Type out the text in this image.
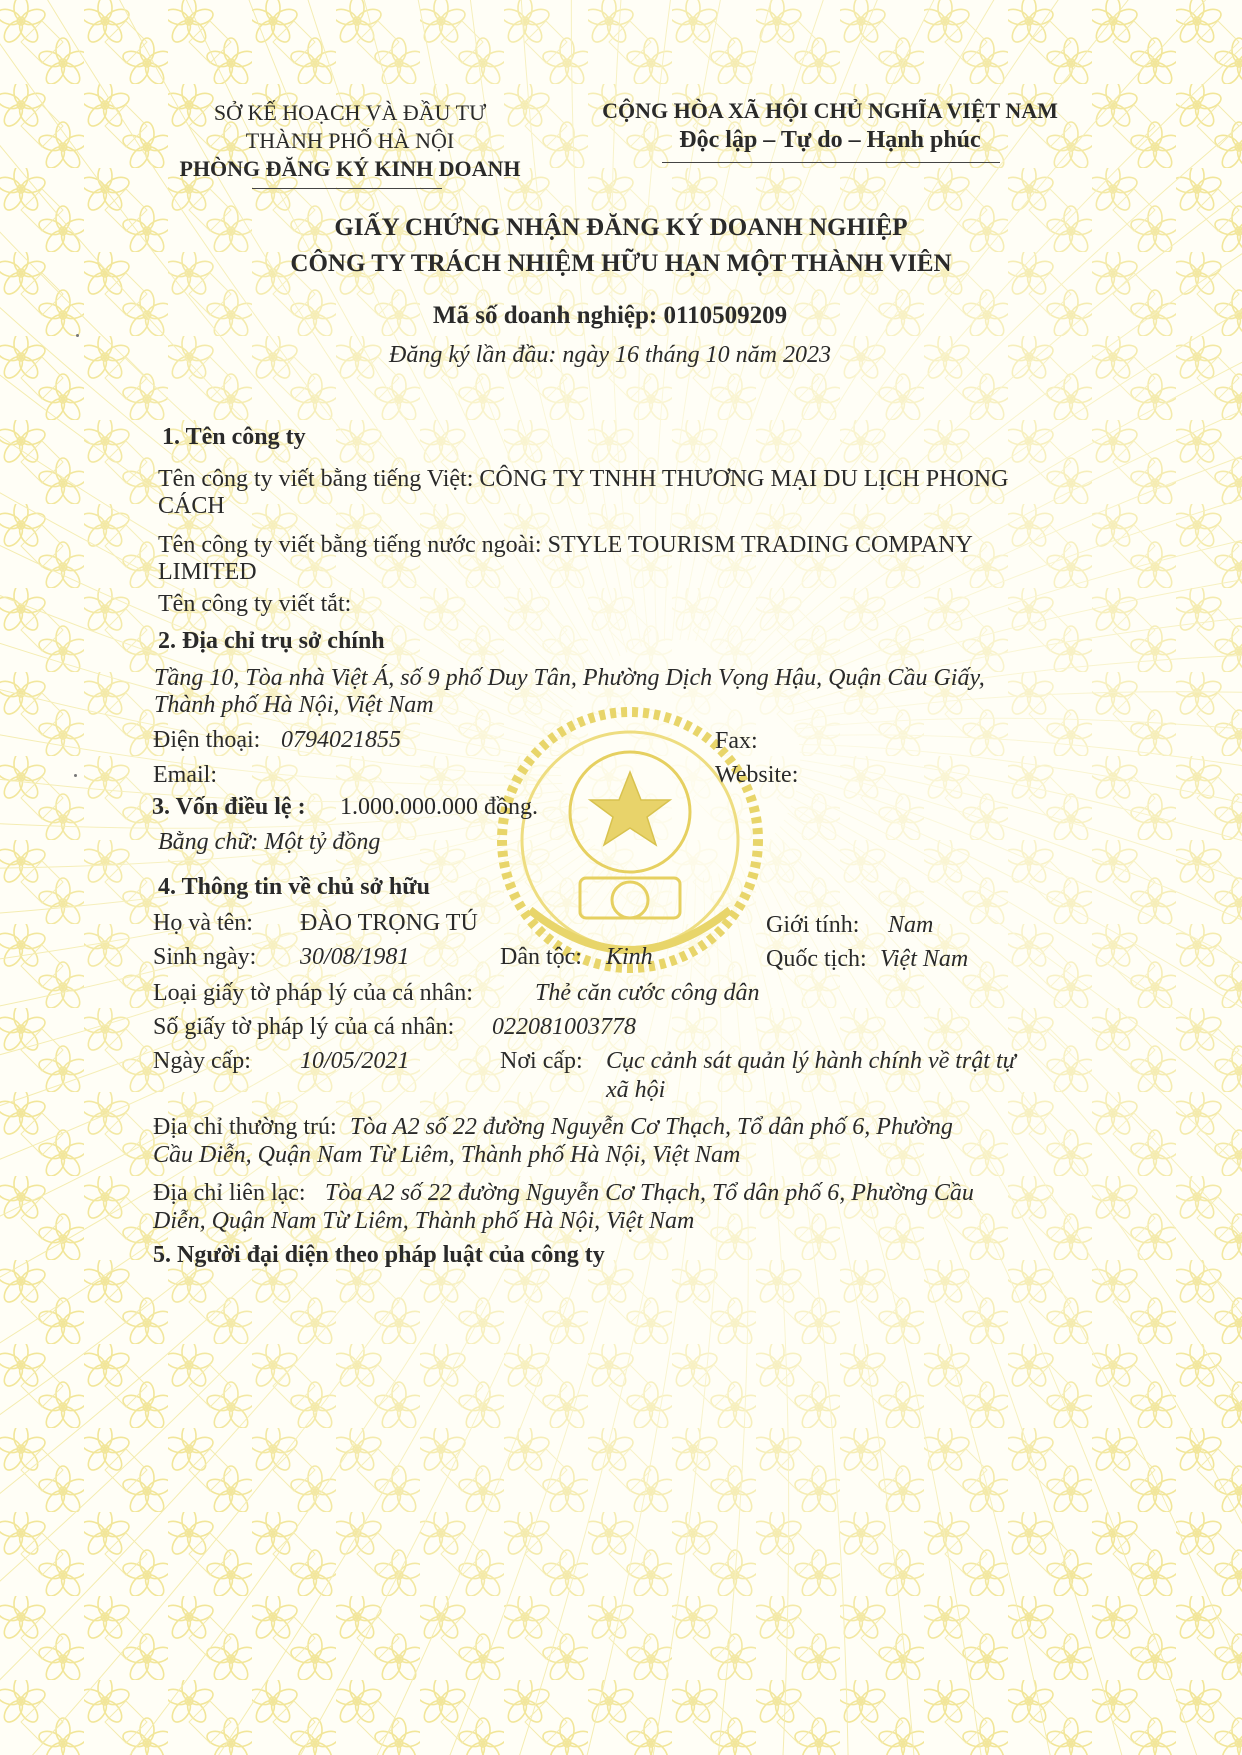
SỞ KẾ HOẠCH VÀ ĐẦU TƯ
THÀNH PHỐ HÀ NỘI
PHÒNG ĐĂNG KÝ KINH DOANH
CỘNG HÒA XÃ HỘI CHỦ NGHĨA VIỆT NAM
Độc lập – Tự do – Hạnh phúc
GIẤY CHỨNG NHẬN ĐĂNG KÝ DOANH NGHIỆP
CÔNG TY TRÁCH NHIỆM HỮU HẠN MỘT THÀNH VIÊN
Mã số doanh nghiệp: 0110509209
Đăng ký lần đầu: ngày 16 tháng 10 năm 2023
1. Tên công ty
Tên công ty viết bằng tiếng Việt: CÔNG TY TNHH THƯƠNG MẠI DU LỊCH PHONG
CÁCH
Tên công ty viết bằng tiếng nước ngoài: STYLE TOURISM TRADING COMPANY
LIMITED
Tên công ty viết tắt:
2. Địa chỉ trụ sở chính
Tầng 10, Tòa nhà Việt Á, số 9 phố Duy Tân, Phường Dịch Vọng Hậu, Quận Cầu Giấy,
Thành phố Hà Nội, Việt Nam
Điện thoại: 0794021855	Fax:
Email:	Website:
3. Vốn điều lệ : 1.000.000.000 đồng.
Bằng chữ: Một tỷ đồng
4. Thông tin về chủ sở hữu
Họ và tên: ĐÀO TRỌNG TÚ	Giới tính: Nam
Sinh ngày: 30/08/1981	Dân tộc: Kinh	Quốc tịch: Việt Nam
Loại giấy tờ pháp lý của cá nhân:	Thẻ căn cước công dân
Số giấy tờ pháp lý của cá nhân: 022081003778
Ngày cấp: 10/05/2021	Nơi cấp: Cục cảnh sát quản lý hành chính về trật tự
xã hội
Địa chỉ thường trú: Tòa A2 số 22 đường Nguyễn Cơ Thạch, Tổ dân phố 6, Phường
Cầu Diễn, Quận Nam Từ Liêm, Thành phố Hà Nội, Việt Nam
Địa chỉ liên lạc: Tòa A2 số 22 đường Nguyễn Cơ Thạch, Tổ dân phố 6, Phường Cầu
Diễn, Quận Nam Từ Liêm, Thành phố Hà Nội, Việt Nam
5. Người đại diện theo pháp luật của công ty
